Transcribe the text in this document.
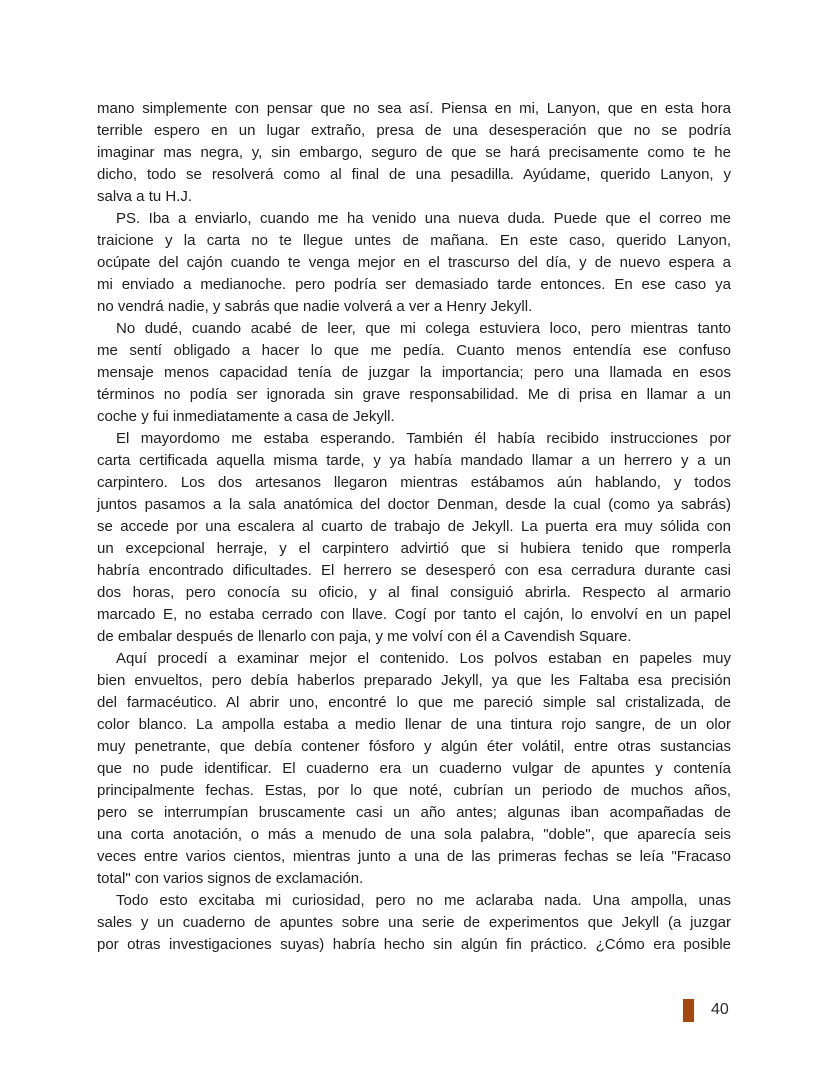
mano simplemente con pensar que no sea así. Piensa en mi, Lanyon, que en esta hora
terrible espero en un lugar extraño, presa de una desesperación que no se podría
imaginar mas negra, y, sin embargo, seguro de que se hará precisamente como te he
dicho, todo se resolverá como al final de una pesadilla. Ayúdame, querido Lanyon, y
salva a tu H.J.
PS. Iba a enviarlo, cuando me ha venido una nueva duda. Puede que el correo me
traicione y la carta no te llegue untes de mañana. En este caso, querido Lanyon,
ocúpate del cajón cuando te venga mejor en el trascurso del día, y de nuevo espera a
mi enviado a medianoche. pero podría ser demasiado tarde entonces. En ese caso ya
no vendrá nadie, y sabrás que nadie volverá a ver a Henry Jekyll.
No dudé, cuando acabé de leer, que mi colega estuviera loco, pero mientras tanto
me sentí obligado a hacer lo que me pedía. Cuanto menos entendía ese confuso
mensaje menos capacidad tenía de juzgar la importancia; pero una llamada en esos
términos no podía ser ignorada sin grave responsabilidad. Me di prisa en llamar a un
coche y fui inmediatamente a casa de Jekyll.
El mayordomo me estaba esperando. También él había recibido instrucciones por
carta certificada aquella misma tarde, y ya había mandado llamar a un herrero y a un
carpintero. Los dos artesanos llegaron mientras estábamos aún hablando, y todos
juntos pasamos a la sala anatómica del doctor Denman, desde la cual (como ya sabrás)
se accede por una escalera al cuarto de trabajo de Jekyll. La puerta era muy sólida con
un excepcional herraje, y el carpintero advirtió que si hubiera tenido que romperla
habría encontrado dificultades. El herrero se desesperó con esa cerradura durante casi
dos horas, pero conocía su oficio, y al final consiguió abrirla. Respecto al armario
marcado E, no estaba cerrado con llave. Cogí por tanto el cajón, lo envolví en un papel
de embalar después de llenarlo con paja, y me volví con él a Cavendish Square.
Aquí procedí a examinar mejor el contenido. Los polvos estaban en papeles muy
bien envueltos, pero debía haberlos preparado Jekyll, ya que les Faltaba esa precisión
del farmacéutico. Al abrir uno, encontré lo que me pareció simple sal cristalizada, de
color blanco. La ampolla estaba a medio llenar de una tintura rojo sangre, de un olor
muy penetrante, que debía contener fósforo y algún éter volátil, entre otras sustancias
que no pude identificar. El cuaderno era un cuaderno vulgar de apuntes y contenía
principalmente fechas. Estas, por lo que noté, cubrían un periodo de muchos años,
pero se interrumpían bruscamente casi un año antes; algunas iban acompañadas de
una corta anotación, o más a menudo de una sola palabra, "doble", que aparecía seis
veces entre varios cientos, mientras junto a una de las primeras fechas se leía "Fracaso
total" con varios signos de exclamación.
Todo esto excitaba mi curiosidad, pero no me aclaraba nada. Una ampolla, unas
sales y un cuaderno de apuntes sobre una serie de experimentos que Jekyll (a juzgar
por otras investigaciones suyas) habría hecho sin algún fin práctico. ¿Cómo era posible
40
